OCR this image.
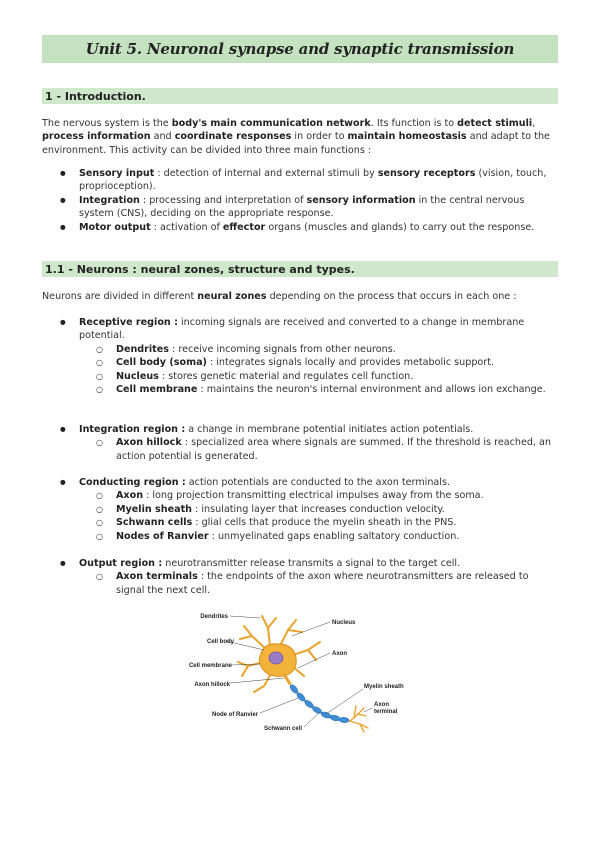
Unit 5. Neuronal synapse and synaptic transmission
1 - Introduction.
The nervous system is the body's main communication network. Its function is to detect stimuli, process information and coordinate responses in order to maintain homeostasis and adapt to the environment. This activity can be divided into three main functions :
● Sensory input : detection of internal and external stimuli by sensory receptors (vision, touch, proprioception).
● Integration : processing and interpretation of sensory information in the central nervous system (CNS), deciding on the appropriate response.
● Motor output : activation of effector organs (muscles and glands) to carry out the response.
1.1 - Neurons : neural zones, structure and types.
Neurons are divided in different neural zones depending on the process that occurs in each one :
● Receptive region : incoming signals are received and converted to a change in membrane potential.
○ Dendrites : receive incoming signals from other neurons.
○ Cell body (soma) : integrates signals locally and provides metabolic support.
○ Nucleus : stores genetic material and regulates cell function.
○ Cell membrane : maintains the neuron's internal environment and allows ion exchange.
● Integration region : a change in membrane potential initiates action potentials.
○ Axon hillock : specialized area where signals are summed. If the threshold is reached, an action potential is generated.
● Conducting region : action potentials are conducted to the axon terminals.
○ Axon : long projection transmitting electrical impulses away from the soma.
○ Myelin sheath : insulating layer that increases conduction velocity.
○ Schwann cells : glial cells that produce the myelin sheath in the PNS.
○ Nodes of Ranvier : unmyelinated gaps enabling saltatory conduction.
● Output region : neurotransmitter release transmits a signal to the target cell.
○ Axon terminals : the endpoints of the axon where neurotransmitters are released to signal the next cell.
Dendrites
Cell body
Cell membrane
Axon hillock
Node of Ranvier
Schwann cell
Nucleus
Axon
Myelin sheath
Axon
terminal
